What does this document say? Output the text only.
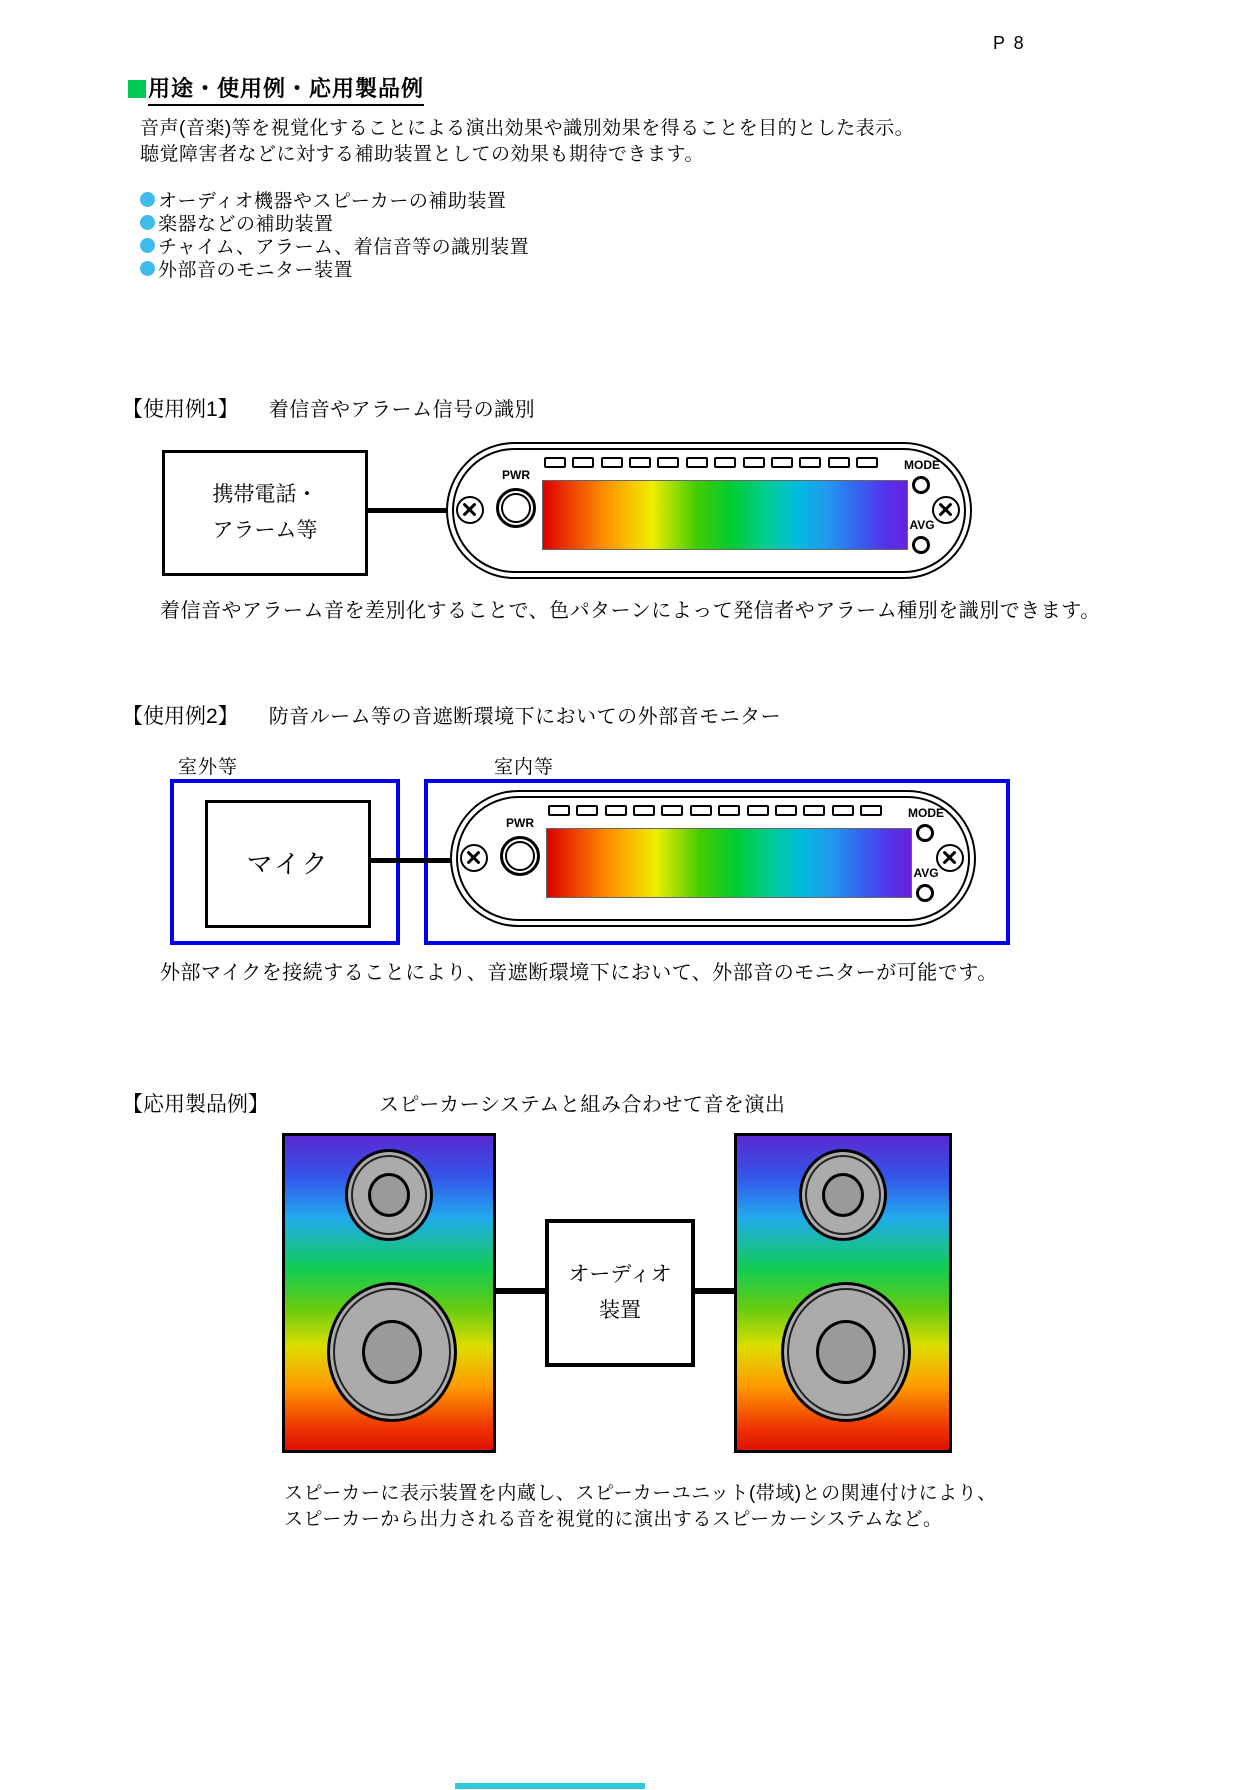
P 8
用途・使用例・応用製品例
音声(音楽)等を視覚化することによる演出効果や識別効果を得ることを目的とした表示。
聴覚障害者などに対する補助装置としての効果も期待できます。
オーディオ機器やスピーカーの補助装置
楽器などの補助装置
チャイム、アラーム、着信音等の識別装置
外部音のモニター装置
【使用例1】 着信音やアラーム信号の識別
携帯電話・
アラーム等
PWR
MODE
AVG
着信音やアラーム音を差別化することで、色パターンによって発信者やアラーム種別を識別できます。
【使用例2】 防音ルーム等の音遮断環境下においての外部音モニター
室外等	室内等
マイク
PWR
MODE
AVG
外部マイクを接続することにより、音遮断環境下において、外部音のモニターが可能です。
【応用製品例】	スピーカーシステムと組み合わせて音を演出
オーディオ
装置
スピーカーに表示装置を内蔵し、スピーカーユニット(帯域)との関連付けにより、
スピーカーから出力される音を視覚的に演出するスピーカーシステムなど。
